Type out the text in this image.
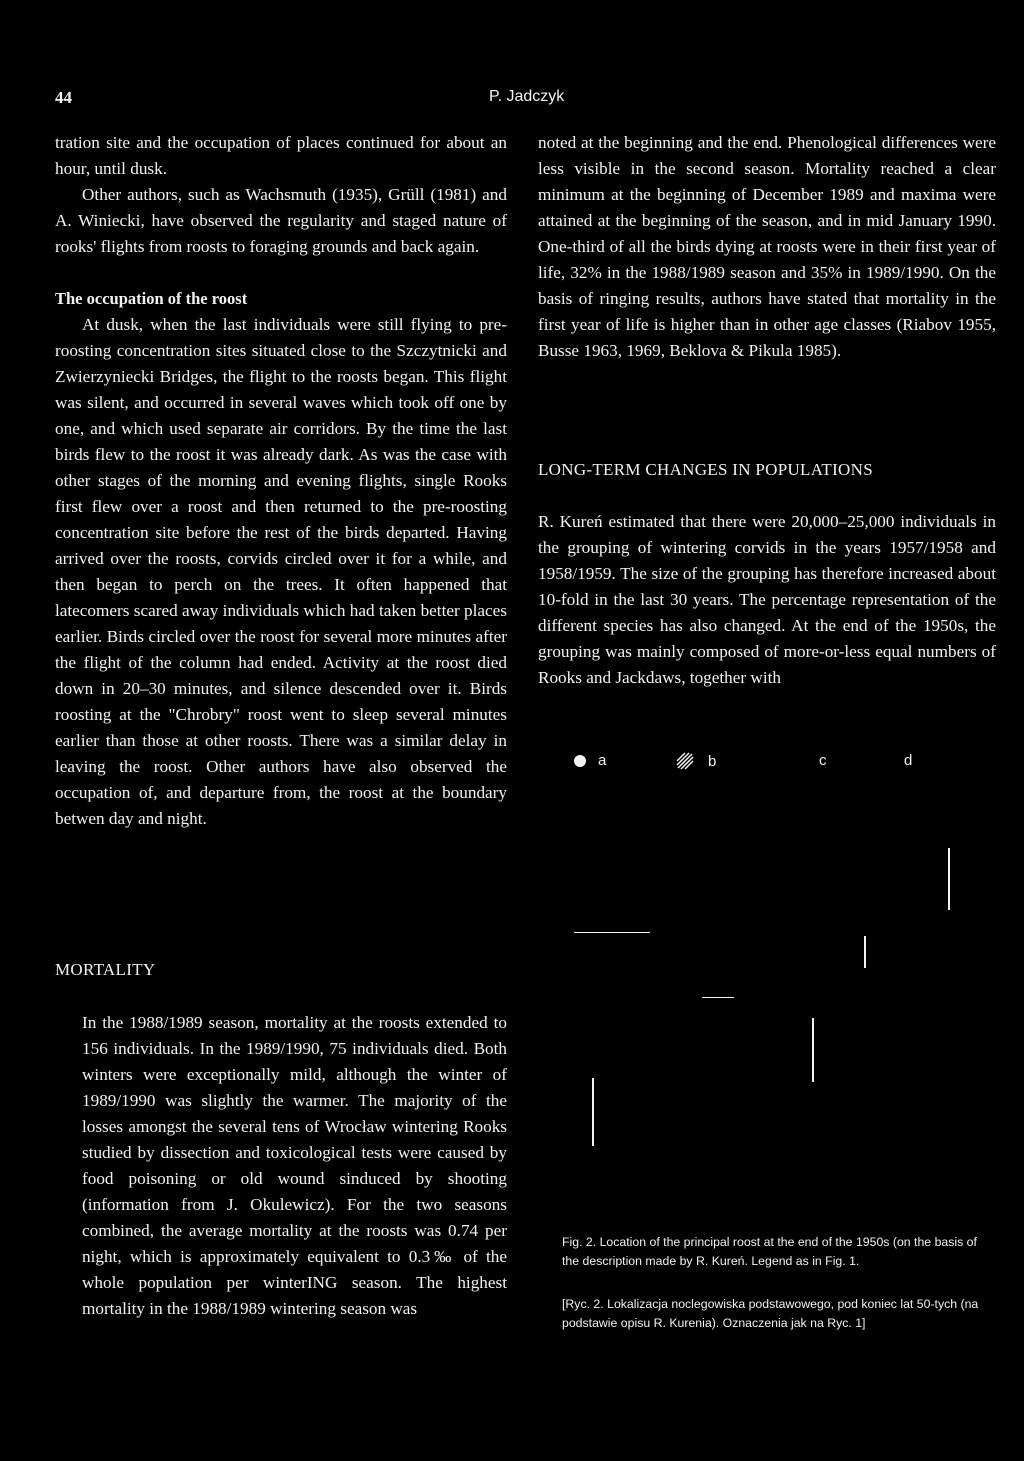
44	P. Jadczyk

tration site and the occupation of places continued for about an hour, until dusk.

Other authors, such as Wachsmuth (1935), Grüll (1981) and A. Winiecki, have observed the regularity and staged nature of rooks' flights from roosts to foraging grounds and back again.

The occupation of the roost

At dusk, when the last individuals were still flying to pre-roosting concentration sites situated close to the Szczytnicki and Zwierzyniecki Bridges, the flight to the roosts began. This flight was silent, and occurred in several waves which took off one by one, and which used separate air corridors. By the time the last birds flew to the roost it was already dark. As was the case with other stages of the morning and evening flights, single Rooks first flew over a roost and then returned to the pre-roosting concentration site before the rest of the birds departed. Having arrived over the roosts, corvids circled over it for a while, and then began to perch on the trees. It often happened that latecomers scared away individuals which had taken better places earlier. Birds circled over the roost for several more minutes after the flight of the column had ended. Activity at the roost died down in 20–30 minutes, and silence descended over it. Birds roosting at the "Chrobry" roost went to sleep several minutes earlier than those at other roosts. There was a similar delay in leaving the roost. Other authors have also observed the occupation of, and departure from, the roost at the boundary betwen day and night.

MORTALITY

In the 1988/1989 season, mortality at the roosts extended to 156 individuals. In the 1989/1990, 75 individuals died. Both winters were exceptionally mild, although the winter of 1989/1990 was slightly the warmer. The majority of the losses amongst the several tens of Wrocław wintering Rooks studied by dissection and toxicological tests were caused by food poisoning or old wound sinduced by shooting (information from J. Okulewicz). For the two seasons combined, the average mortality at the roosts was 0.74 per night, which is approximately equivalent to 0.3‰ of the whole population per winterING season. The highest mortality in the 1988/1989 wintering season was

noted at the beginning and the end. Phenological differences were less visible in the second season. Mortality reached a clear minimum at the beginning of December 1989 and maxima were attained at the beginning of the season, and in mid January 1990. One-third of all the birds dying at roosts were in their first year of life, 32% in the 1988/1989 season and 35% in 1989/1990. On the basis of ringing results, authors have stated that mortality in the first year of life is higher than in other age classes (Riabov 1955, Busse 1963, 1969, Beklova & Pikula 1985).

LONG-TERM CHANGES IN POPULATIONS

R. Kureń estimated that there were 20,000–25,000 individuals in the grouping of wintering corvids in the years 1957/1958 and 1958/1959. The size of the grouping has therefore increased about 10-fold in the last 30 years. The percentage representation of the different species has also changed. At the end of the 1950s, the grouping was mainly composed of more-or-less equal numbers of Rooks and Jackdaws, together with

a	b	c	d

Fig. 2. Location of the principal roost at the end of the 1950s (on the basis of the description made by R. Kureń. Legend as in Fig. 1.

[Ryc. 2. Lokalizacja noclegowiska podstawowego, pod koniec lat 50-tych (na podstawie opisu R. Kurenia). Oznaczenia jak na Ryc. 1]
